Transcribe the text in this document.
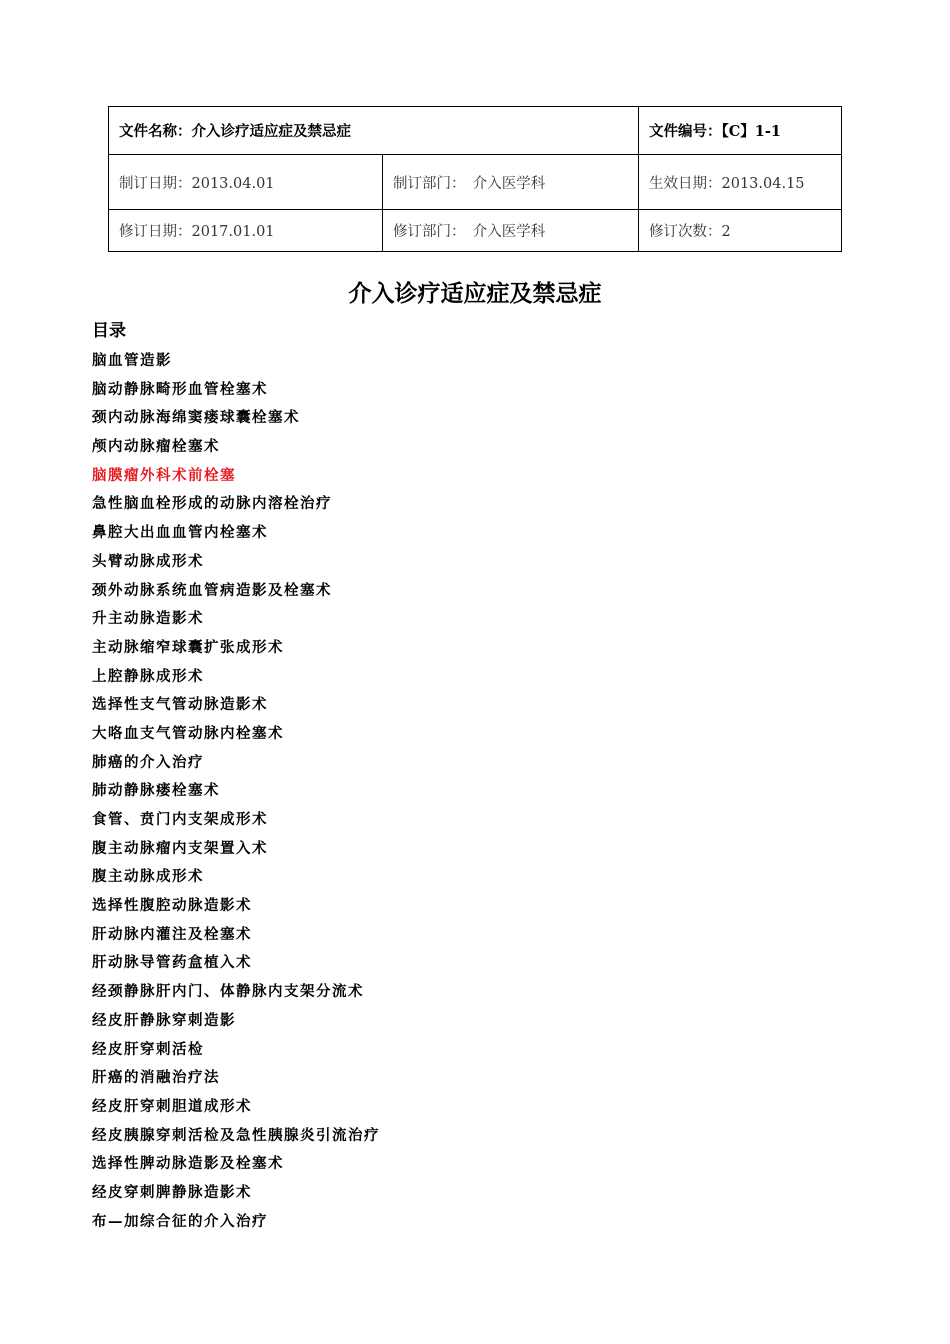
文件名称：介入诊疗适应症及禁忌症		文件编号：【C】1-1
制订日期：2013.04.01	制订部门：　介入医学科	生效日期：2013.04.15
修订日期：2017.01.01	修订部门：　介入医学科	修订次数：2
介入诊疗适应症及禁忌症
目录
脑血管造影
脑动静脉畸形血管栓塞术
颈内动脉海绵窦瘘球囊栓塞术
颅内动脉瘤栓塞术
脑膜瘤外科术前栓塞
急性脑血栓形成的动脉内溶栓治疗
鼻腔大出血血管内栓塞术
头臂动脉成形术
颈外动脉系统血管病造影及栓塞术
升主动脉造影术
主动脉缩窄球囊扩张成形术
上腔静脉成形术
选择性支气管动脉造影术
大咯血支气管动脉内栓塞术
肺癌的介入治疗
肺动静脉瘘栓塞术
食管、贲门内支架成形术
腹主动脉瘤内支架置入术
腹主动脉成形术
选择性腹腔动脉造影术
肝动脉内灌注及栓塞术
肝动脉导管药盒植入术
经颈静脉肝内门、体静脉内支架分流术
经皮肝静脉穿刺造影
经皮肝穿刺活检
肝癌的消融治疗法
经皮肝穿刺胆道成形术
经皮胰腺穿刺活检及急性胰腺炎引流治疗
选择性脾动脉造影及栓塞术
经皮穿刺脾静脉造影术
布—加综合征的介入治疗
